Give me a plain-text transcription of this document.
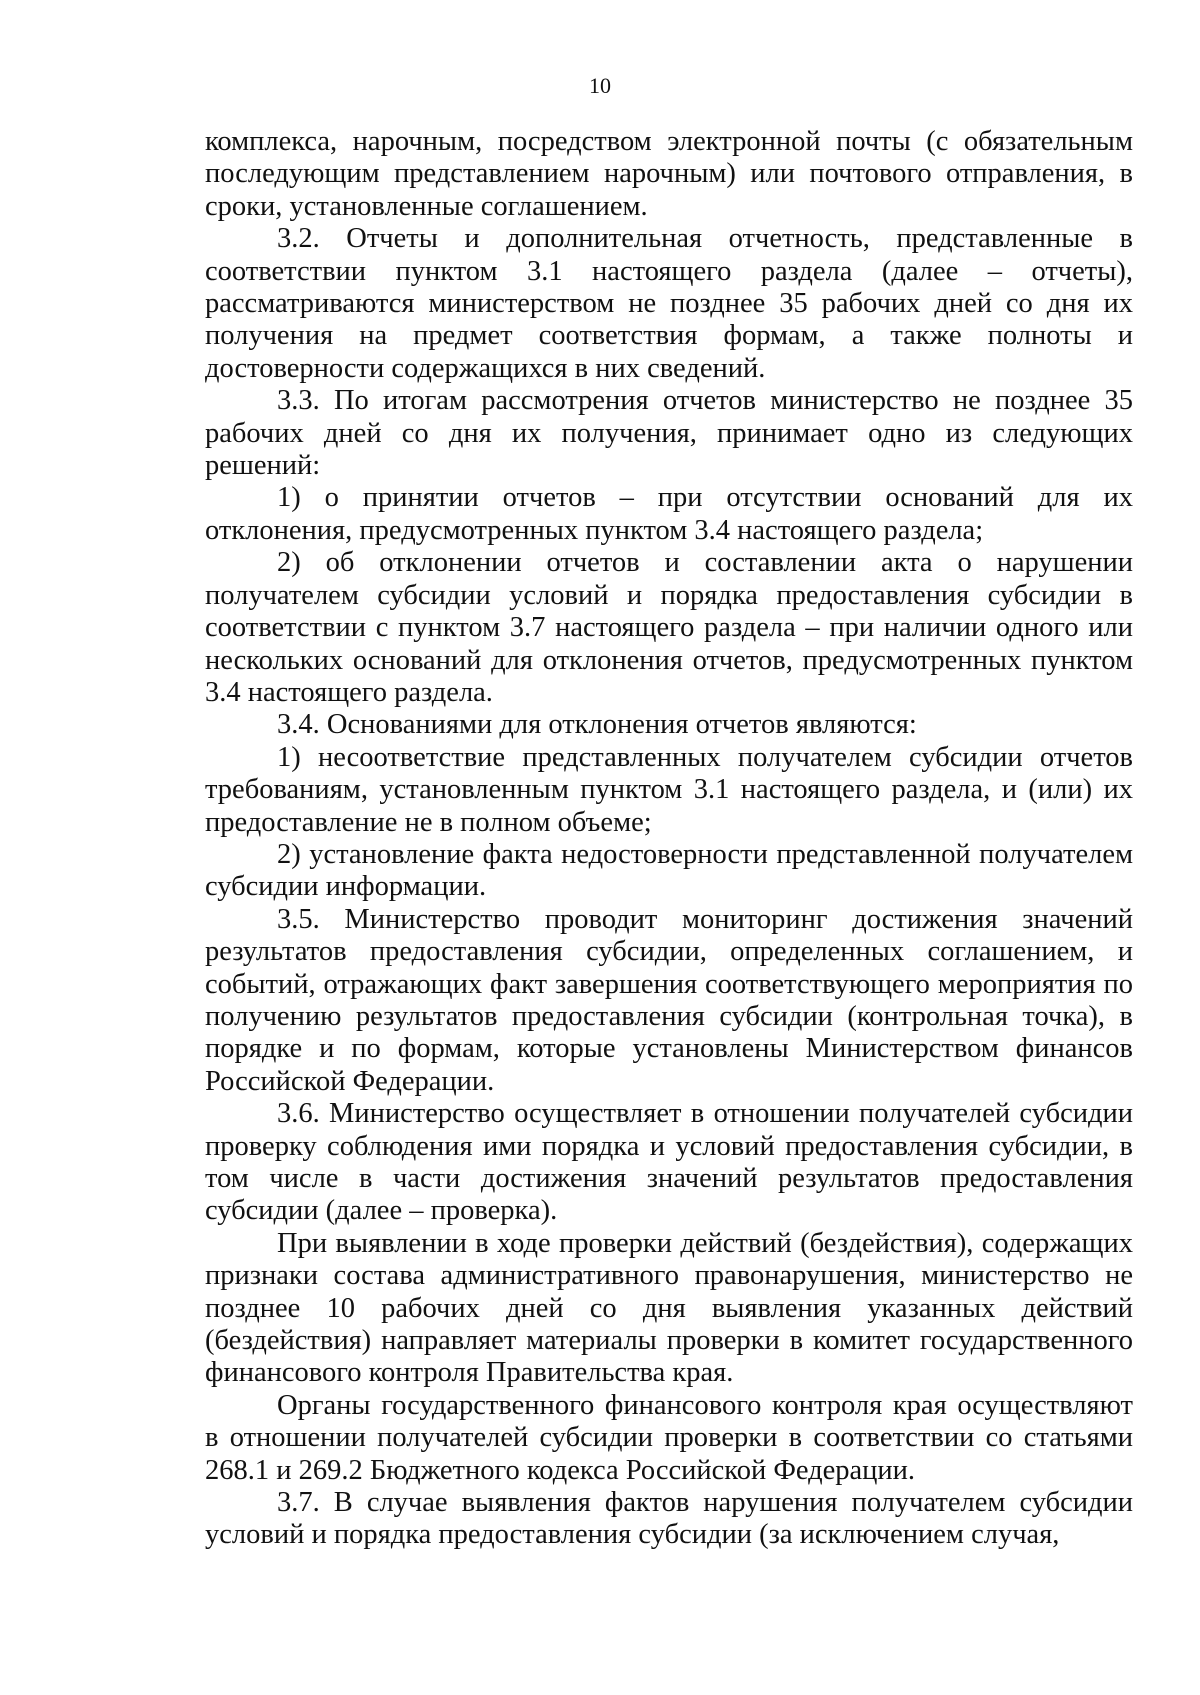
10

комплекса, нарочным, посредством электронной почты (с обязательным последующим представлением нарочным) или почтового отправления, в сроки, установленные соглашением.

3.2. Отчеты и дополнительная отчетность, представленные в соответствии пунктом 3.1 настоящего раздела (далее – отчеты), рассматриваются министерством не позднее 35 рабочих дней со дня их получения на предмет соответствия формам, а также полноты и достоверности содержащихся в них сведений.

3.3. По итогам рассмотрения отчетов министерство не позднее 35 рабочих дней со дня их получения, принимает одно из следующих решений:

1) о принятии отчетов – при отсутствии оснований для их отклонения, предусмотренных пунктом 3.4 настоящего раздела;

2) об отклонении отчетов и составлении акта о нарушении получателем субсидии условий и порядка предоставления субсидии в соответствии с пунктом 3.7 настоящего раздела – при наличии одного или нескольких оснований для отклонения отчетов, предусмотренных пунктом 3.4 настоящего раздела.

3.4. Основаниями для отклонения отчетов являются:

1) несоответствие представленных получателем субсидии отчетов требованиям, установленным пунктом 3.1 настоящего раздела, и (или) их предоставление не в полном объеме;

2) установление факта недостоверности представленной получателем субсидии информации.

3.5. Министерство проводит мониторинг достижения значений результатов предоставления субсидии, определенных соглашением, и событий, отражающих факт завершения соответствующего мероприятия по получению результатов предоставления субсидии (контрольная точка), в порядке и по формам, которые установлены Министерством финансов Российской Федерации.

3.6. Министерство осуществляет в отношении получателей субсидии проверку соблюдения ими порядка и условий предоставления субсидии, в том числе в части достижения значений результатов предоставления субсидии (далее – проверка).

При выявлении в ходе проверки действий (бездействия), содержащих признаки состава административного правонарушения, министерство не позднее 10 рабочих дней со дня выявления указанных действий (бездействия) направляет материалы проверки в комитет государственного финансового контроля Правительства края.

Органы государственного финансового контроля края осуществляют в отношении получателей субсидии проверки в соответствии со статьями 268.1 и 269.2 Бюджетного кодекса Российской Федерации.

3.7. В случае выявления фактов нарушения получателем субсидии условий и порядка предоставления субсидии (за исключением случая,
